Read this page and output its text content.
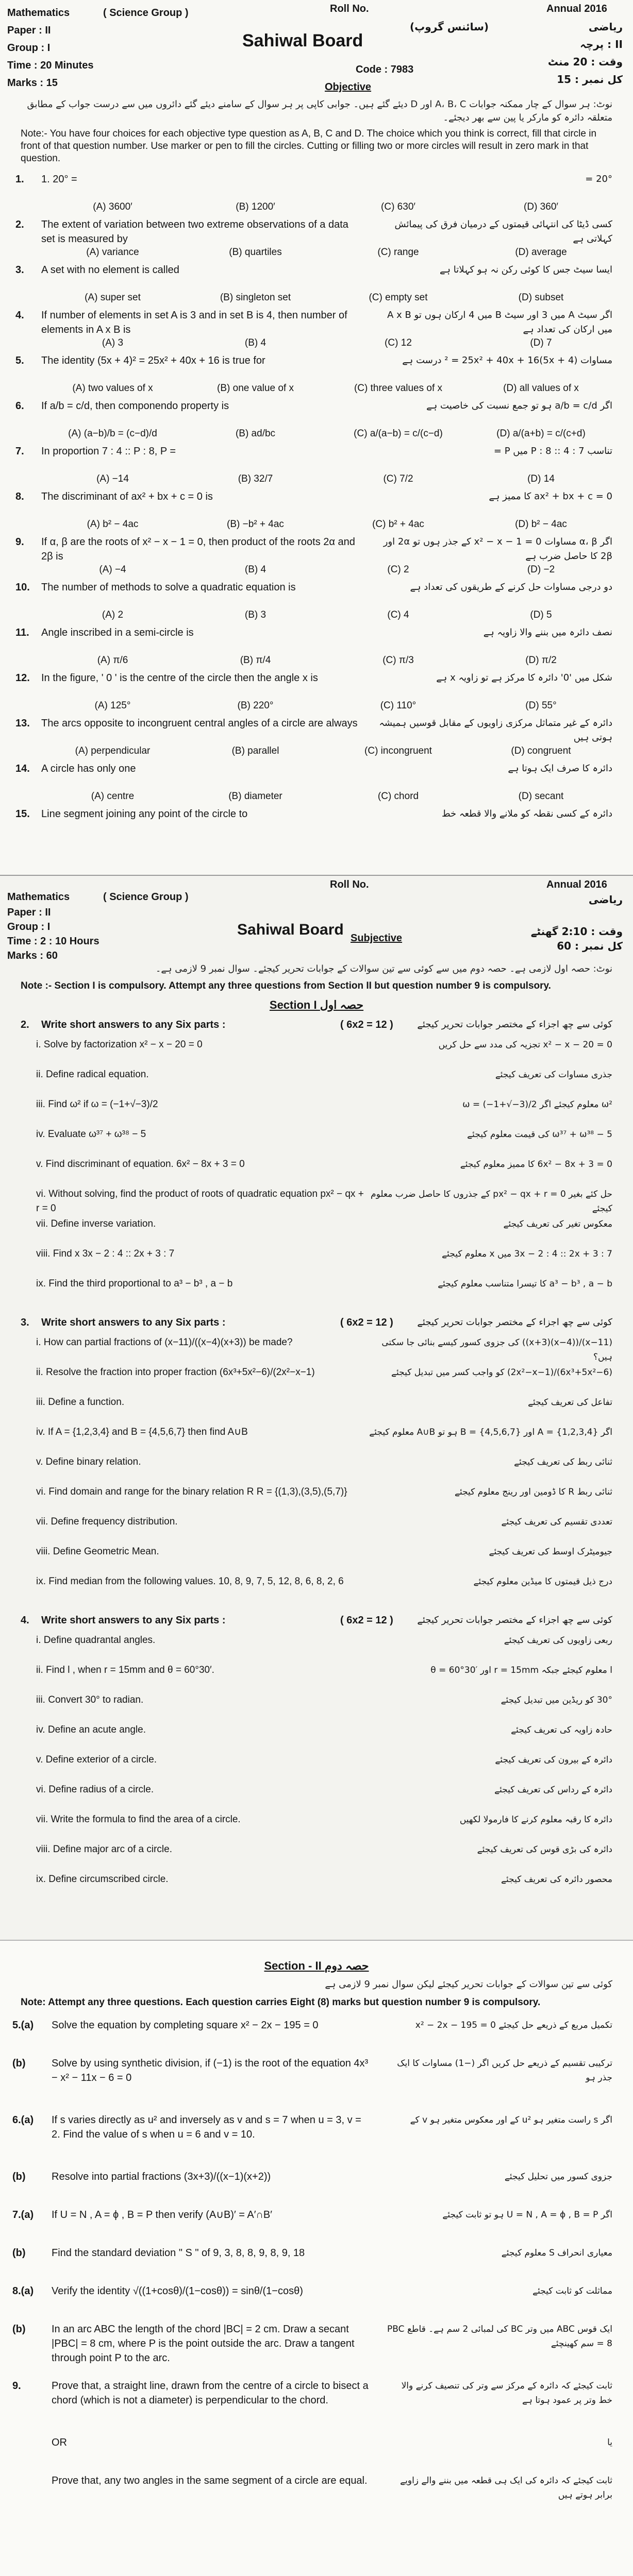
Mathematics	( Science Group )
Paper : II
Group : I
Time : 20 Minutes
Marks : 15
Roll No.	Annual 2016
Sahiwal Board
Code : 7983
Objective
ریاضی
(سائنس گروپ)
پرچہ : II
وقت : 20 منٹ
کل نمبر : 15

نوٹ: ہر سوال کے چار ممکنہ جوابات A، B، C اور D دیئے گئے ہیں۔ جوابی کاپی پر ہر سوال کے سامنے دیئے گئے دائروں میں سے درست جواب کے مطابق متعلقہ دائرہ کو مارکر یا پین سے بھر دیجئے۔

Note:- You have four choices for each objective type question as A, B, C and D. The choice which you think is correct, fill that circle in front of that question number. Use marker or pen to fill the circles. Cutting or filling two or more circles will result in zero mark in that question.

1. 1. 20° =	20° =
(A) 3600′	(B) 1200′	(C) 630′	(D) 360′
2. The extent of variation between two extreme observations of a data set is measured by
کسی ڈیٹا کی انتہائی قیمتوں کے درمیان فرق کی پیمائش کہلاتی ہے
(A) variance	(B) quartiles	(C) range	(D) average
3. A set with no element is called	ایسا سیٹ جس کا کوئی رکن نہ ہو کہلاتا ہے
(A) super set	(B) singleton set	(C) empty set	(D) subset
4. If number of elements in set A is 3 and in set B is 4, then number of elements in A x B is
اگر سیٹ A میں 3 اور سیٹ B میں 4 ارکان ہوں تو A x B میں ارکان کی تعداد ہے
(A) 3	(B) 4	(C) 12	(D) 7
5. The identity (5x + 4)² = 25x² + 40x + 16 is true for	مساوات (5x + 4)² = 25x² + 40x + 16 درست ہے
(A) two values of x	(B) one value of x	(C) three values of x	(D) all values of x
6. If a/b = c/d, then componendo property is	اگر a/b = c/d ہو تو جمع نسبت کی خاصیت ہے
(A) (a−b)/b = (c−d)/d	(B) ad/bc	(C) a/(a−b) = c/(c−d)	(D) a/(a+b) = c/(c+d)
7. In proportion 7 : 4 :: P : 8, P =	تناسب 7 : 4 :: P : 8 میں P =
(A) −14	(B) 32/7	(C) 7/2	(D) 14
8. The discriminant of ax² + bx + c = 0 is	ax² + bx + c = 0 کا ممیز ہے
(A) b² − 4ac	(B) −b² + 4ac	(C) b² + 4ac	(D) b² − 4ac
9. If α, β are the roots of x² − x − 1 = 0, then product of the roots 2α and 2β is
اگر α، β مساوات x² − x − 1 = 0 کے جذر ہوں تو 2α اور 2β کا حاصل ضرب ہے
(A) −4	(B) 4	(C) 2	(D) −2
10. The number of methods to solve a quadratic equation is	دو درجی مساوات حل کرنے کے طریقوں کی تعداد ہے
(A) 2	(B) 3	(C) 4	(D) 5
11. Angle inscribed in a semi-circle is	نصف دائرہ میں بننے والا زاویہ ہے
(A) π/6	(B) π/4	(C) π/3	(D) π/2
12. In the figure, ' 0 ' is the centre of the circle then the angle x is	شکل میں '0' دائرہ کا مرکز ہے تو زاویہ x ہے
(A) 125°	(B) 220°	(C) 110°	(D) 55°
13. The arcs opposite to incongruent central angles of a circle are always	دائرہ کے غیر متماثل مرکزی زاویوں کے مقابل قوسیں ہمیشہ ہوتی ہیں
(A) perpendicular	(B) parallel	(C) incongruent	(D) congruent
14. A circle has only one	دائرہ کا صرف ایک ہوتا ہے
(A) centre	(B) diameter	(C) chord	(D) secant
15. Line segment joining any point of the circle to	دائرہ کے کسی نقطہ کو ملانے والا قطعہ خط
Mathematics	( Science Group )
Paper : II
Group : I
Time : 2 : 10 Hours
Marks : 60
Roll No.	Annual 2016
Sahiwal Board Subjective
ریاضی
وقت : 2:10 گھنٹے
کل نمبر : 60

نوٹ: حصہ اول لازمی ہے۔ حصہ دوم میں سے کوئی سے تین سوالات کے جوابات تحریر کیجئے۔ سوال نمبر 9 لازمی ہے۔

Note :- Section I is compulsory. Attempt any three questions from Section II but question number 9 is compulsory.

Section I حصہ اول

2. Write short answers to any Six parts :	( 6x2 = 12 )	کوئی سے چھ اجزاء کے مختصر جوابات تحریر کیجئے
i. Solve by factorization x² − x − 20 = 0	x² − x − 20 = 0 تجزیہ کی مدد سے حل کریں
ii. Define radical equation.	جذری مساوات کی تعریف کیجئے
iii. Find ω² if ω = (−1+√−3)/2	ω² معلوم کیجئے اگر ω = (−1+√−3)/2
iv. Evaluate ω³⁷ + ω³⁸ − 5	ω³⁷ + ω³⁸ − 5 کی قیمت معلوم کیجئے
v. Find discriminant of equation. 6x² − 8x + 3 = 0	6x² − 8x + 3 = 0 کا ممیز معلوم کیجئے
vi. Without solving, find the product of roots of quadratic equation px² − qx + r = 0
حل کئے بغیر px² − qx + r = 0 کے جذروں کا حاصل ضرب معلوم کیجئے
vii. Define inverse variation.	معکوس تغیر کی تعریف کیجئے
viii. Find x 3x − 2 : 4 :: 2x + 3 : 7	3x − 2 : 4 :: 2x + 3 : 7 میں x معلوم کیجئے
ix. Find the third proportional to a³ − b³ , a − b	a³ − b³ , a − b کا تیسرا متناسب معلوم کیجئے
3. Write short answers to any Six parts :	( 6x2 = 12 )	کوئی سے چھ اجزاء کے مختصر جوابات تحریر کیجئے
i. How can partial fractions of (x−11)/((x−4)(x+3)) be made?	(x−11)/((x−4)(x+3)) کی جزوی کسور کیسے بنائی جا سکتی ہیں؟
ii. Resolve the fraction into proper fraction (6x³+5x²−6)/(2x²−x−1)	(6x³+5x²−6)/(2x²−x−1) کو واجب کسر میں تبدیل کیجئے
iii. Define a function.	تفاعل کی تعریف کیجئے
iv. If A = {1,2,3,4} and B = {4,5,6,7} then find A∪B	اگر A = {1,2,3,4} اور B = {4,5,6,7} ہو تو A∪B معلوم کیجئے
v. Define binary relation.	ثنائی ربط کی تعریف کیجئے
vi. Find domain and range for the binary relation R R = {(1,3),(3,5),(5,7)}	ثنائی ربط R کا ڈومین اور رینج معلوم کیجئے
vii. Define frequency distribution.	تعددی تقسیم کی تعریف کیجئے
viii. Define Geometric Mean.	جیومیٹرک اوسط کی تعریف کیجئے
ix. Find median from the following values. 10, 8, 9, 7, 5, 12, 8, 6, 8, 2, 6	درج ذیل قیمتوں کا میڈین معلوم کیجئے
4. Write short answers to any Six parts :	( 6x2 = 12 )	کوئی سے چھ اجزاء کے مختصر جوابات تحریر کیجئے
i. Define quadrantal angles.	ربعی زاویوں کی تعریف کیجئے
ii. Find l , when r = 15mm and θ = 60°30′.	l معلوم کیجئے جبکہ r = 15mm اور θ = 60°30′
iii. Convert 30° to radian.	30° کو ریڈین میں تبدیل کیجئے
iv. Define an acute angle.	حادہ زاویہ کی تعریف کیجئے
v. Define exterior of a circle.	دائرہ کے بیرون کی تعریف کیجئے
vi. Define radius of a circle.	دائرہ کے رداس کی تعریف کیجئے
vii. Write the formula to find the area of a circle.	دائرہ کا رقبہ معلوم کرنے کا فارمولا لکھیں
viii. Define major arc of a circle.	دائرہ کی بڑی قوس کی تعریف کیجئے
ix. Define circumscribed circle.	محصور دائرہ کی تعریف کیجئے

Section - II حصہ دوم

کوئی سے تین سوالات کے جوابات تحریر کیجئے لیکن سوال نمبر 9 لازمی ہے

Note: Attempt any three questions. Each question carries Eight (8) marks but question number 9 is compulsory.

5.(a) Solve the equation by completing square x² − 2x − 195 = 0	تکمیل مربع کے ذریعے حل کیجئے x² − 2x − 195 = 0
(b)	Solve by using synthetic division, if (−1) is the root of the equation 4x³ − x² − 11x − 6 = 0
ترکیبی تقسیم کے ذریعے حل کریں اگر (−1) مساوات کا ایک جذر ہو
6.(a) If s varies directly as u² and inversely as v and s = 7 when u = 3, v = 2. Find the value of s when u = 6 and v = 10.
اگر s راست متغیر ہو u² کے اور معکوس متغیر ہو v کے
(b)	Resolve into partial fractions (3x+3)/((x−1)(x+2))	جزوی کسور میں تحلیل کیجئے
7.(a) If U = N , A = ϕ , B = P then verify (A∪B)′ = A′∩B′	اگر U = N , A = ϕ , B = P ہو تو ثابت کیجئے
(b)	Find the standard deviation " S " of 9, 3, 8, 8, 9, 8, 9, 18	معیاری انحراف S معلوم کیجئے
8.(a) Verify the identity √((1+cosθ)/(1−cosθ)) = sinθ/(1−cosθ)	مماثلت کو ثابت کیجئے
(b)	In an arc ABC the length of the chord |BC| = 2 cm. Draw a secant |PBC| = 8 cm, where P is the point outside the arc. Draw a tangent through point P to the arc.
ایک قوس ABC میں وتر BC کی لمبائی 2 سم ہے۔ قاطع PBC = 8 سم کھینچئے
9.	Prove that, a straight line, drawn from the centre of a circle to bisect a chord (which is not a diameter) is perpendicular to the chord.
ثابت کیجئے کہ دائرہ کے مرکز سے وتر کی تنصیف کرنے والا خط وتر پر عمود ہوتا ہے
OR	یا
Prove that, any two angles in the same segment of a circle are equal.	ثابت کیجئے کہ دائرہ کی ایک ہی قطعہ میں بننے والے زاویے برابر ہوتے ہیں
